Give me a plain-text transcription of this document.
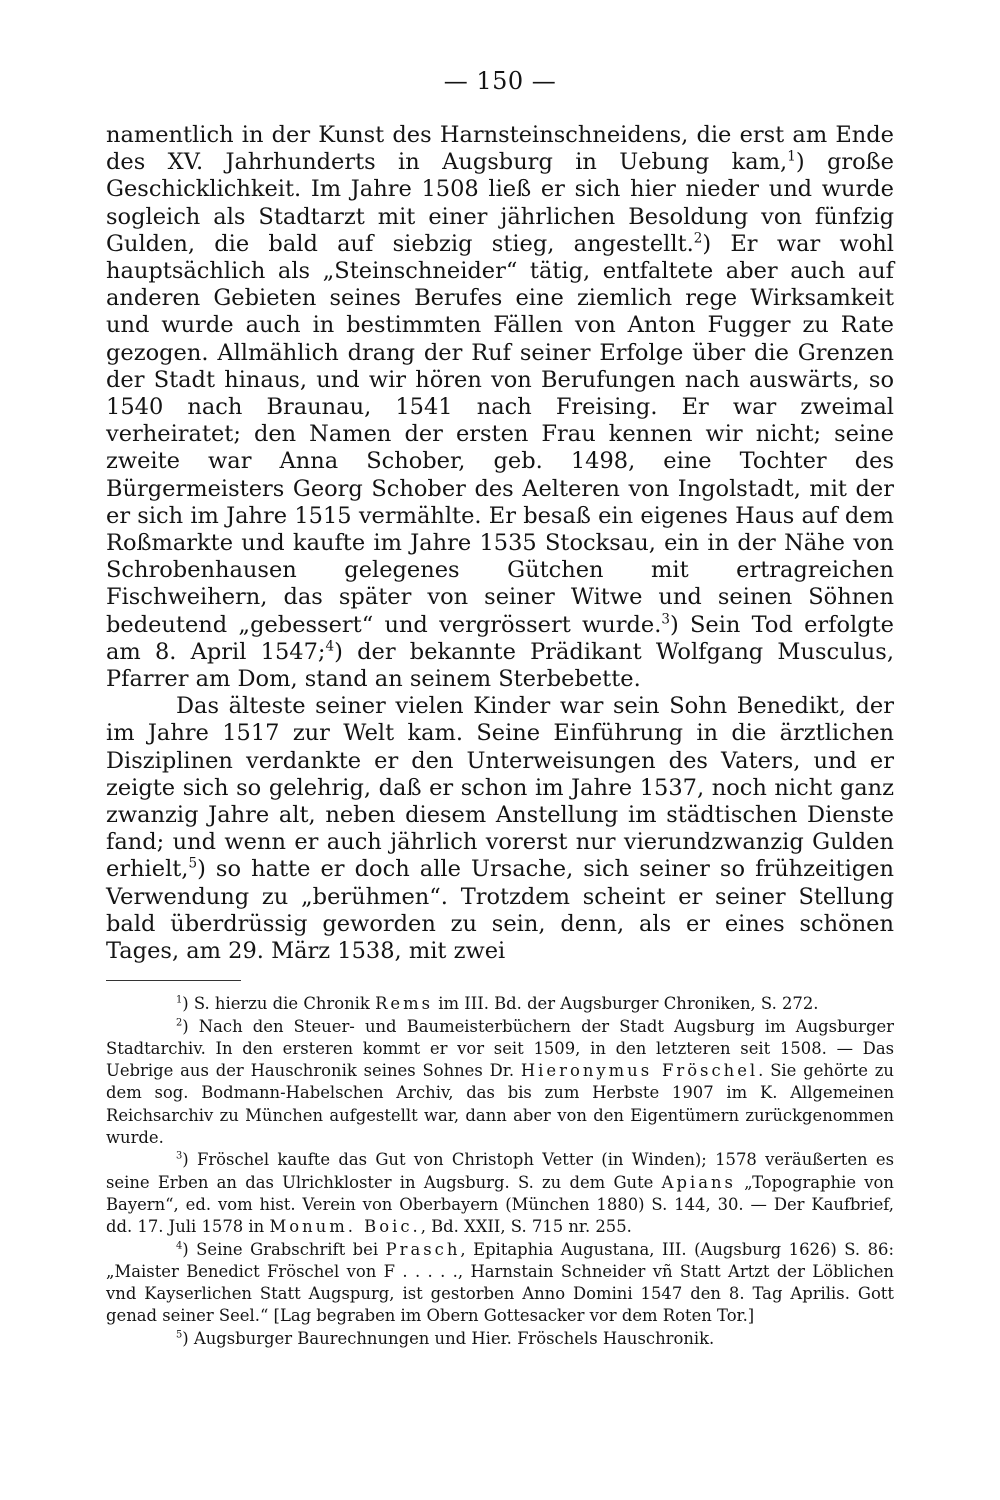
— 150 —

namentlich in der Kunst des Harnsteinschneidens, die erst am Ende des XV. Jahrhunderts in Augsburg in Uebung kam,$^1$) große Geschicklichkeit. Im Jahre 1508 ließ er sich hier nieder und wurde sogleich als Stadtarzt mit einer jährlichen Besoldung von fünfzig Gulden, die bald auf siebzig stieg, angestellt.$^2$) Er war wohl hauptsächlich als „Steinschneider“ tätig, entfaltete aber auch auf anderen Gebieten seines Berufes eine ziemlich rege Wirksamkeit und wurde auch in bestimmten Fällen von Anton Fugger zu Rate gezogen. Allmählich drang der Ruf seiner Erfolge über die Grenzen der Stadt hinaus, und wir hören von Berufungen nach auswärts, so 1540 nach Braunau, 1541 nach Freising. Er war zweimal verheiratet; den Namen der ersten Frau kennen wir nicht; seine zweite war Anna Schober, geb. 1498, eine Tochter des Bürgermeisters Georg Schober des Aelteren von Ingolstadt, mit der er sich im Jahre 1515 vermählte. Er besaß ein eigenes Haus auf dem Roßmarkte und kaufte im Jahre 1535 Stocksau, ein in der Nähe von Schrobenhausen gelegenes Gütchen mit ertragreichen Fischweihern, das später von seiner Witwe und seinen Söhnen bedeutend „gebessert“ und vergrössert wurde.$^3$) Sein Tod erfolgte am 8. April 1547;$^4$) der bekannte Prädikant Wolfgang Musculus, Pfarrer am Dom, stand an seinem Sterbebette.

Das älteste seiner vielen Kinder war sein Sohn Benedikt, der im Jahre 1517 zur Welt kam. Seine Einführung in die ärztlichen Disziplinen verdankte er den Unterweisungen des Vaters, und er zeigte sich so gelehrig, daß er schon im Jahre 1537, noch nicht ganz zwanzig Jahre alt, neben diesem Anstellung im städtischen Dienste fand; und wenn er auch jährlich vorerst nur vierundzwanzig Gulden erhielt,$^5$) so hatte er doch alle Ursache, sich seiner so frühzeitigen Verwendung zu „berühmen“. Trotzdem scheint er seiner Stellung bald überdrüssig geworden zu sein, denn, als er eines schönen Tages, am 29. März 1538, mit zwei

$^1$) S. hierzu die Chronik Rems im III. Bd. der Augsburger Chroniken, S. 272.

$^2$) Nach den Steuer- und Baumeisterbüchern der Stadt Augsburg im Augsburger Stadtarchiv. In den ersteren kommt er vor seit 1509, in den letzteren seit 1508. — Das Uebrige aus der Hauschronik seines Sohnes Dr. Hieronymus Fröschel. Sie gehörte zu dem sog. Bodmann-Habelschen Archiv, das bis zum Herbste 1907 im K. Allgemeinen Reichsarchiv zu München aufgestellt war, dann aber von den Eigentümern zurückgenommen wurde.

$^3$) Fröschel kaufte das Gut von Christoph Vetter (in Winden); 1578 veräußerten es seine Erben an das Ulrichkloster in Augsburg. S. zu dem Gute Apians „Topographie von Bayern“, ed. vom hist. Verein von Oberbayern (München 1880) S. 144, 30. — Der Kaufbrief, dd. 17. Juli 1578 in Monum. Boic., Bd. XXII, S. 715 nr. 255.

$^4$) Seine Grabschrift bei Prasch, Epitaphia Augustana, III. (Augsburg 1626) S. 86: „Maister Benedict Fröschel von F . . . . ., Harnstain Schneider vñ Statt Artzt der Löblichen vnd Kayserlichen Statt Augspurg, ist gestorben Anno Domini 1547 den 8. Tag Aprilis. Gott genad seiner Seel.“ [Lag begraben im Obern Gottesacker vor dem Roten Tor.]

$^5$) Augsburger Baurechnungen und Hier. Fröschels Hauschronik.
